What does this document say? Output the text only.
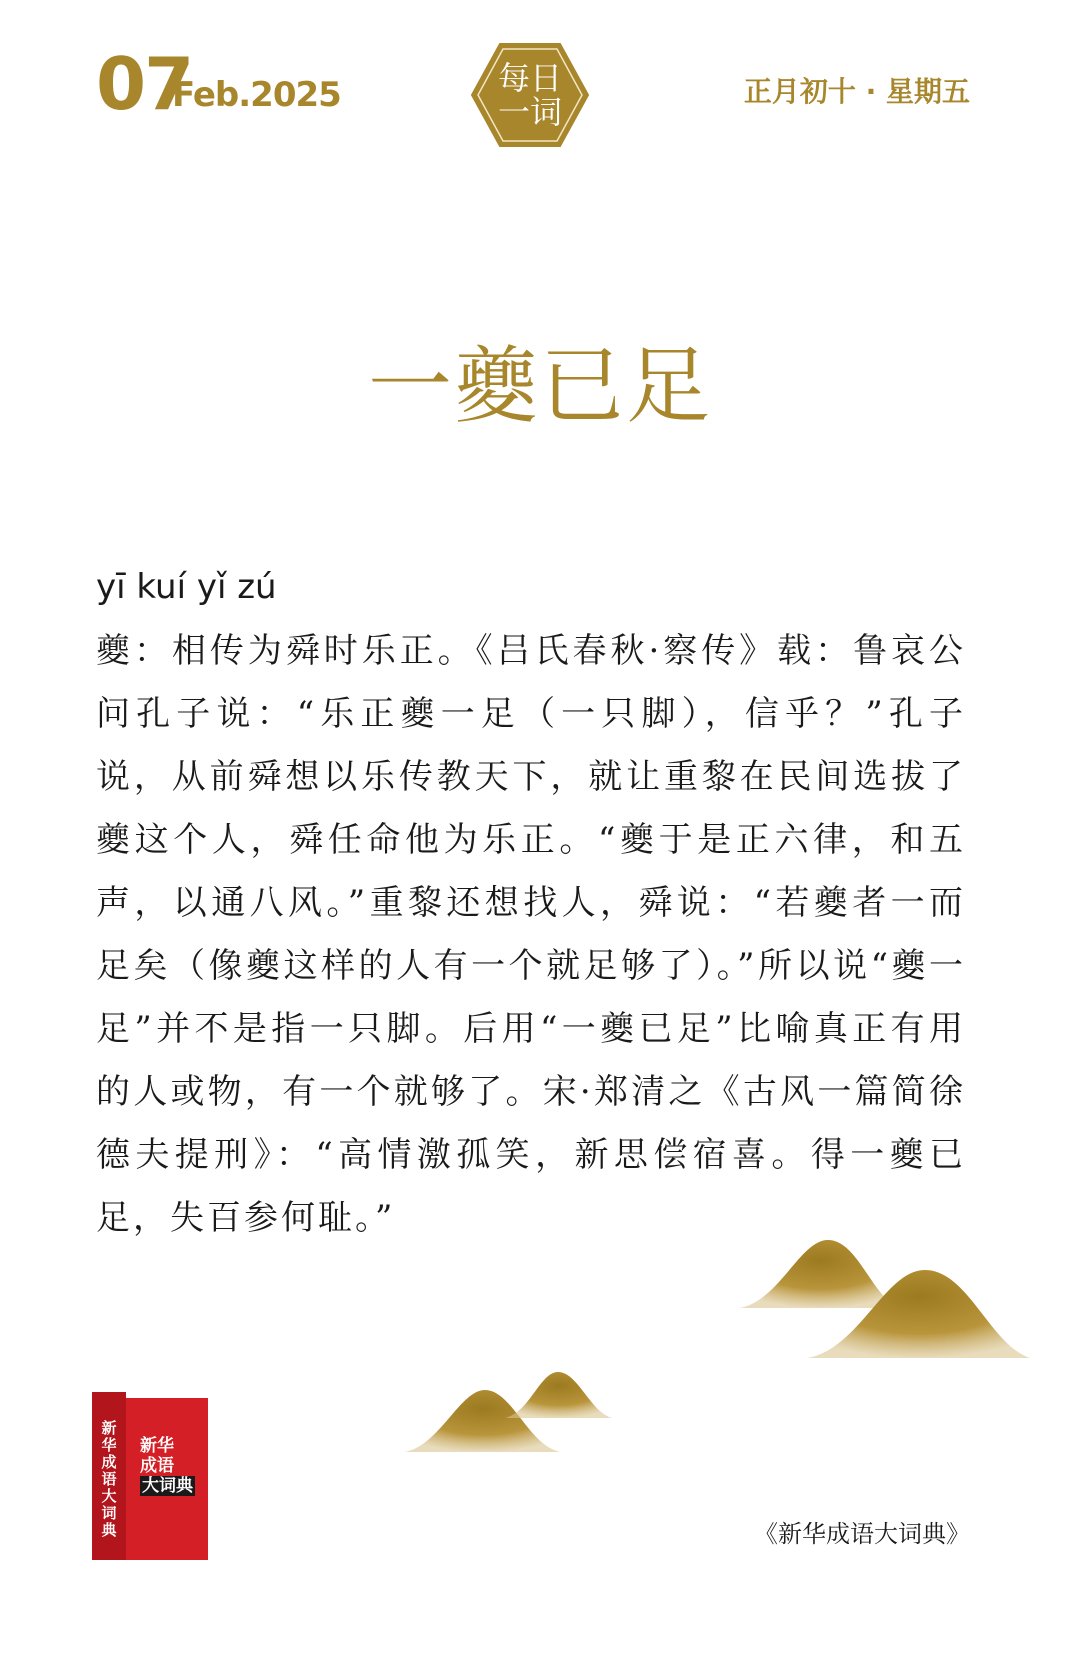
07
Feb.2025	每日
一词
正月初十 · 星期五
一夔已足
yī kuí yǐ zú
夔：相传为舜时乐正。《吕氏春秋·察传》载：鲁哀公问孔子说：“乐正夔一足（一只脚），信乎？”孔子说，从前舜想以乐传教天下，就让重黎在民间选拔了夔这个人，舜任命他为乐正。“夔于是正六律，和五声，以通八风。”重黎还想找人，舜说：“若夔者一而足矣（像夔这样的人有一个就足够了）。”所以说“夔一足”并不是指一只脚。后用“一夔已足”比喻真正有用的人或物，有一个就够了。宋·郑清之《古风一篇简徐德夫提刑》：“高情激孤笑，新思偿宿喜。得一夔已足，失百参何耻。”
新
华
成
语
大
词
典
新华
成语
大词典
《新华成语大词典》
